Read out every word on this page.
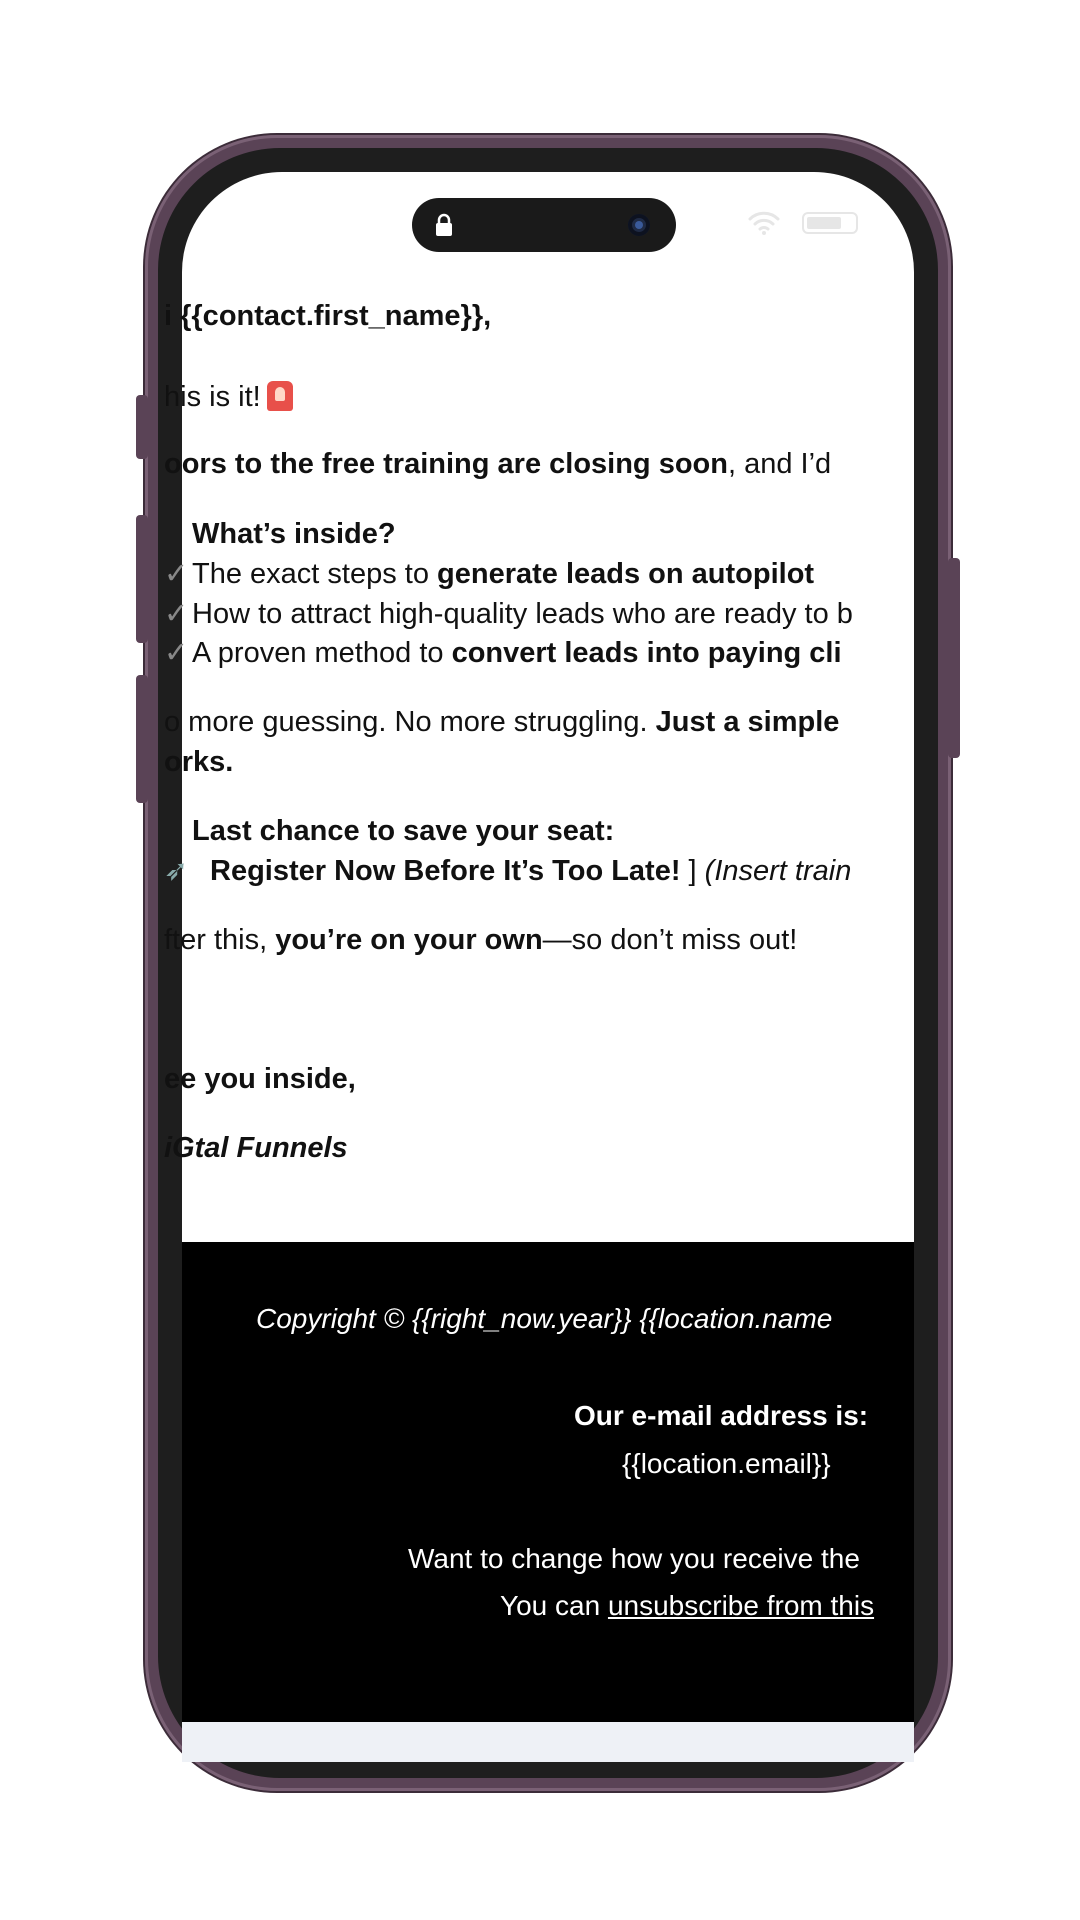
i {{contact.first_name}},

his is it!

oors to the free training are closing soon, and I’d

What’s inside?

✓ The exact steps to generate leads on autopilot

✓ How to attract high-quality leads who are ready to b

✓ A proven method to convert leads into paying cli

o more guessing. No more struggling. Just a simple

orks.

Last chance to save your seat:

➶ Register Now Before It’s Too Late! ] (Insert train

fter this, you’re on your own—so don’t miss out!

ee you inside,

iGtal Funnels

Copyright © {{right_now.year}} {{location.name

Our e-mail address is:

{{location.email}}

Want to change how you receive the

You can unsubscribe from this
